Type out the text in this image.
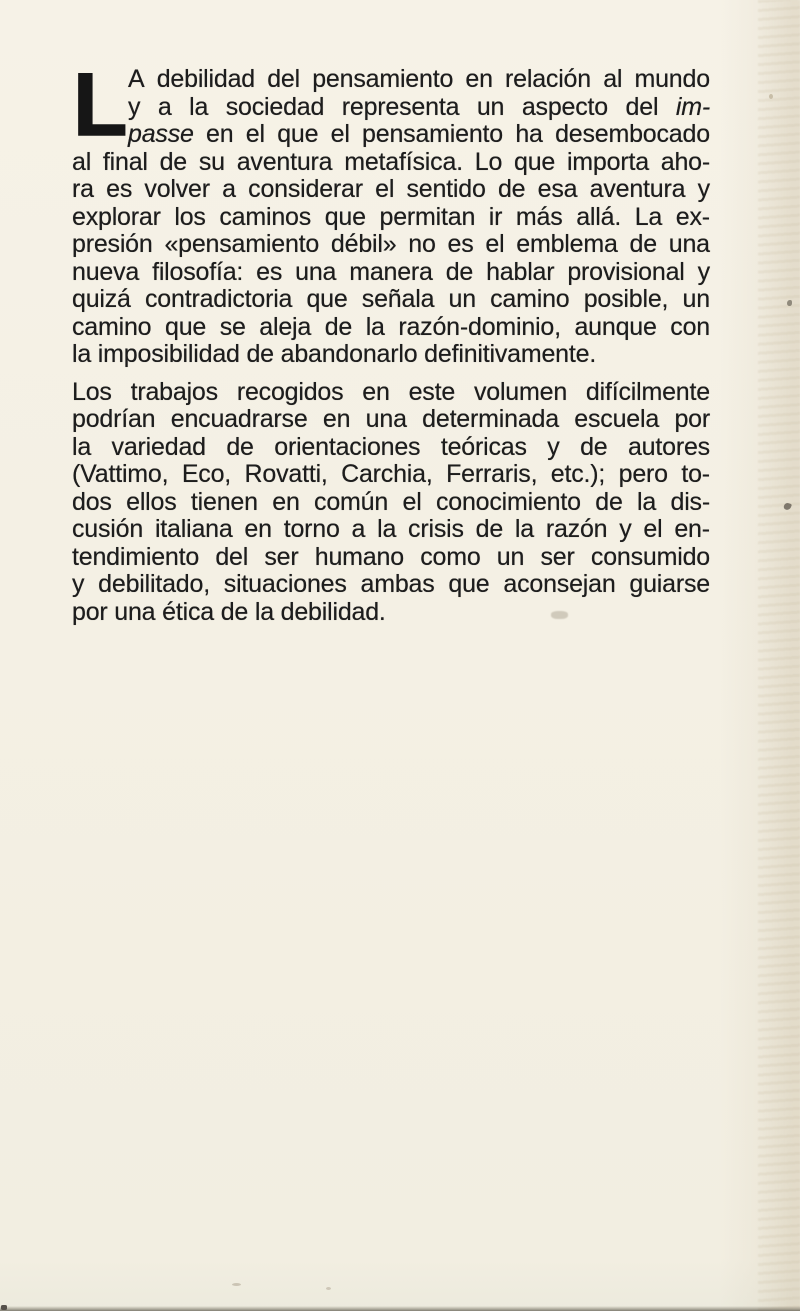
L A debilidad del pensamiento en relación al mundo
y a la sociedad representa un aspecto del im-
passe en el que el pensamiento ha desembocado
al final de su aventura metafísica. Lo que importa aho-
ra es volver a considerar el sentido de esa aventura y
explorar los caminos que permitan ir más allá. La ex-
presión «pensamiento débil» no es el emblema de una
nueva filosofía: es una manera de hablar provisional y
quizá contradictoria que señala un camino posible, un
camino que se aleja de la razón-dominio, aunque con
la imposibilidad de abandonarlo definitivamente.
Los trabajos recogidos en este volumen difícilmente
podrían encuadrarse en una determinada escuela por
la variedad de orientaciones teóricas y de autores
(Vattimo, Eco, Rovatti, Carchia, Ferraris, etc.); pero to-
dos ellos tienen en común el conocimiento de la dis-
cusión italiana en torno a la crisis de la razón y el en-
tendimiento del ser humano como un ser consumido
y debilitado, situaciones ambas que aconsejan guiarse
por una ética de la debilidad.
